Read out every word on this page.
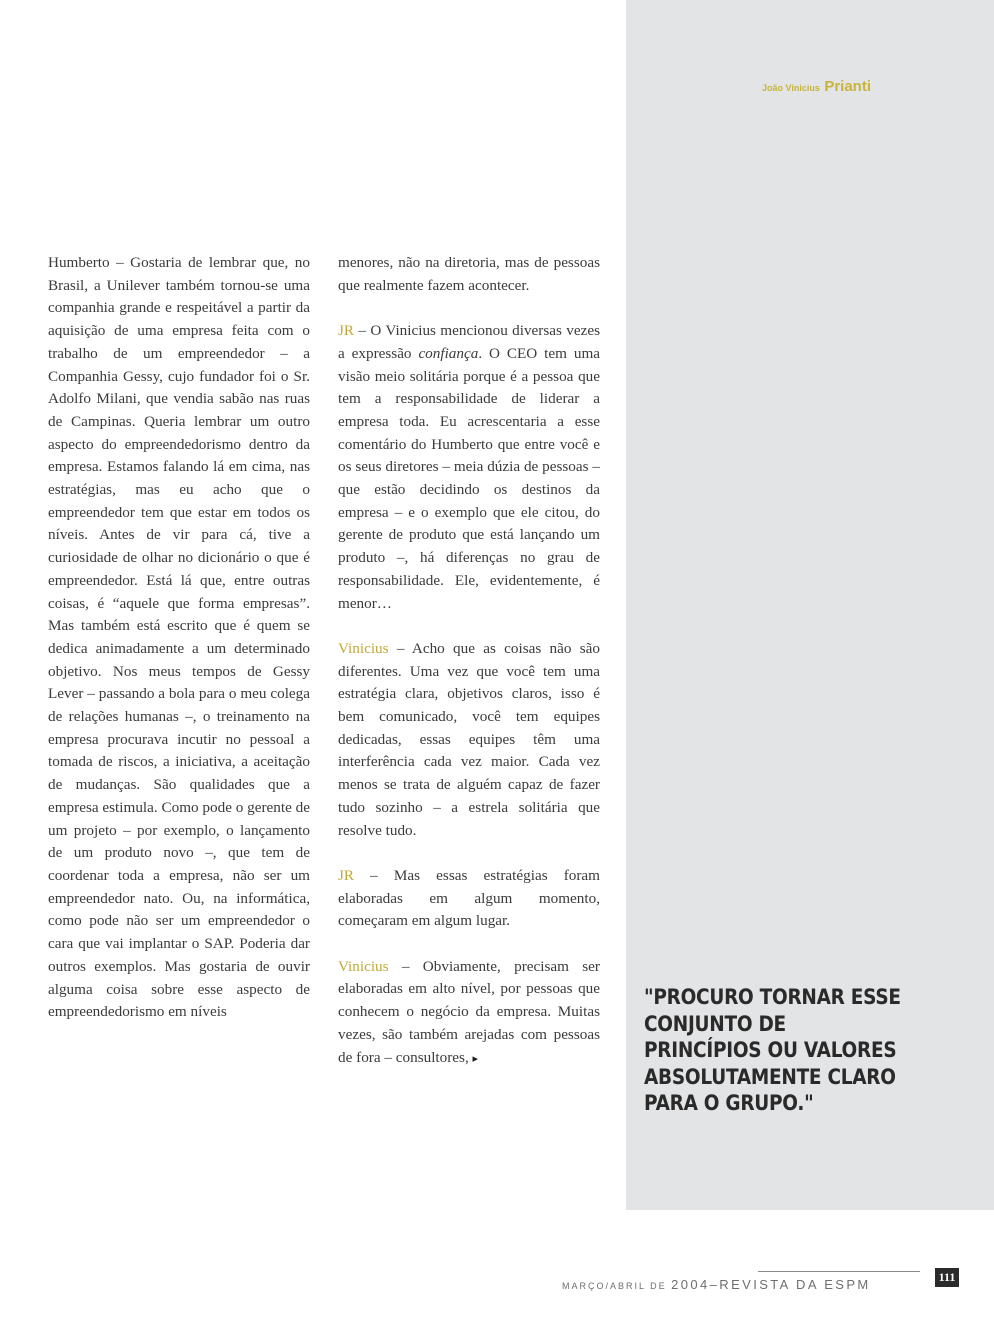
João Vinicius Prianti

Humberto – Gostaria de lembrar que, no Brasil, a Unilever também tornou-se uma companhia grande e respeitável a partir da aquisição de uma empresa feita com o trabalho de um empreendedor – a Companhia Gessy, cujo fundador foi o Sr. Adolfo Milani, que vendia sabão nas ruas de Campinas. Queria lembrar um outro aspecto do empreendedorismo dentro da empresa. Estamos falando lá em cima, nas estratégias, mas eu acho que o empreendedor tem que estar em todos os níveis. Antes de vir para cá, tive a curiosidade de olhar no dicionário o que é empreendedor. Está lá que, entre outras coisas, é “aquele que forma empresas”. Mas também está escrito que é quem se dedica animadamente a um determinado objetivo. Nos meus tempos de Gessy Lever – passando a bola para o meu colega de relações humanas –, o treinamento na empresa procurava incutir no pessoal a tomada de riscos, a iniciativa, a aceitação de mudanças. São qualidades que a empresa estimula. Como pode o gerente de um projeto – por exemplo, o lançamento de um produto novo –, que tem de coordenar toda a empresa, não ser um empreendedor nato. Ou, na informática, como pode não ser um empreendedor o cara que vai implantar o SAP. Poderia dar outros exemplos. Mas gostaria de ouvir alguma coisa sobre esse aspecto de empreendedorismo em níveis

menores, não na diretoria, mas de pessoas que realmente fazem acontecer.

JR – O Vinicius mencionou diversas vezes a expressão confiança. O CEO tem uma visão meio solitária porque é a pessoa que tem a responsabilidade de liderar a empresa toda. Eu acrescentaria a esse comentário do Humberto que entre você e os seus diretores – meia dúzia de pessoas – que estão decidindo os destinos da empresa – e o exemplo que ele citou, do gerente de produto que está lançando um produto –, há diferenças no grau de responsabilidade. Ele, evidentemente, é menor…

Vinicius – Acho que as coisas não são diferentes. Uma vez que você tem uma estratégia clara, objetivos claros, isso é bem comunicado, você tem equipes dedicadas, essas equipes têm uma interferência cada vez maior. Cada vez menos se trata de alguém capaz de fazer tudo sozinho – a estrela solitária que resolve tudo.

JR – Mas essas estratégias foram elaboradas em algum momento, começaram em algum lugar.

Vinicius – Obviamente, precisam ser elaboradas em alto nível, por pessoas que conhecem o negócio da empresa. Muitas vezes, são também arejadas com pessoas de fora – consultores, ▸

"PROCURO TORNAR ESSE CONJUNTO DE PRINCÍPIOS OU VALORES ABSOLUTAMENTE CLARO PARA O GRUPO."
MARÇO/ABRIL DE 2004–REVISTA DA ESPM	111
